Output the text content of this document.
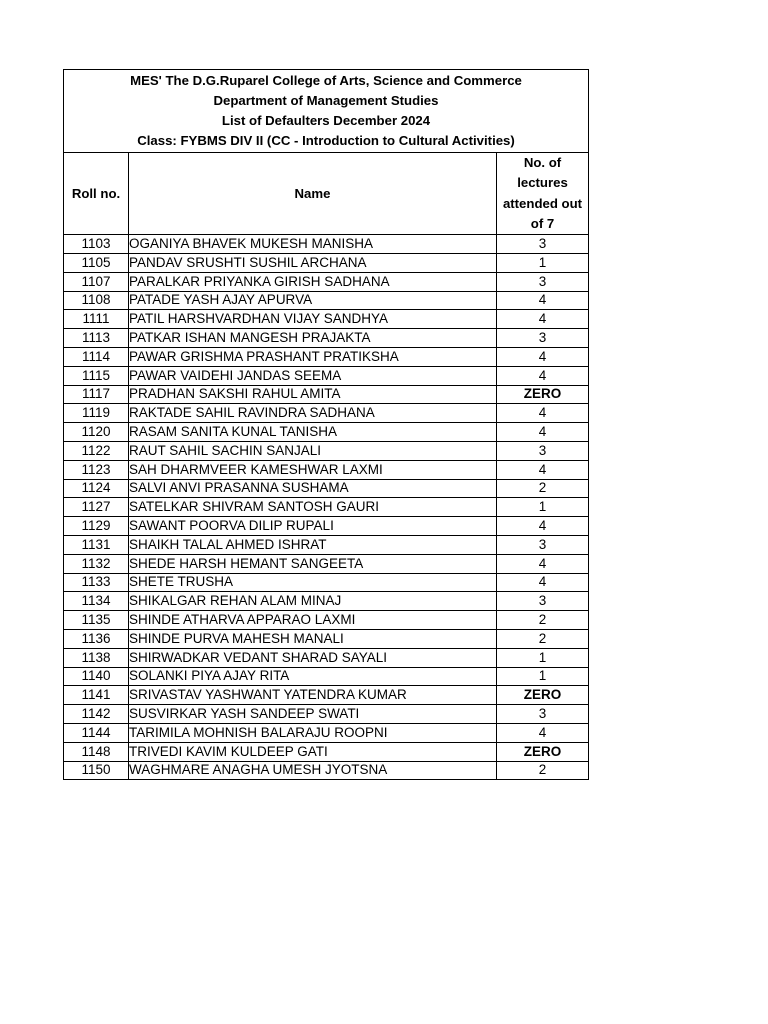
MES' The D.G.Ruparel College of Arts, Science and Commerce
Department of Management Studies
List of Defaulters December 2024
Class: FYBMS DIV II (CC - Introduction to Cultural Activities)		

Roll no.	Name	No. of
lectures
attended out
of 7

1103	OGANIYA BHAVEK MUKESH MANISHA	3
1105	PANDAV SRUSHTI SUSHIL ARCHANA	1
1107	PARALKAR PRIYANKA GIRISH SADHANA	3
1108	PATADE YASH AJAY APURVA	4
1111	PATIL HARSHVARDHAN VIJAY SANDHYA	4
1113	PATKAR ISHAN MANGESH PRAJAKTA	3
1114	PAWAR GRISHMA PRASHANT PRATIKSHA	4
1115	PAWAR VAIDEHI JANDAS SEEMA	4
1117	PRADHAN SAKSHI RAHUL AMITA	ZERO
1119	RAKTADE SAHIL RAVINDRA SADHANA	4
1120	RASAM SANITA KUNAL TANISHA	4
1122	RAUT SAHIL SACHIN SANJALI	3
1123	SAH DHARMVEER KAMESHWAR LAXMI	4
1124	SALVI ANVI PRASANNA SUSHAMA	2
1127	SATELKAR SHIVRAM SANTOSH GAURI	1
1129	SAWANT POORVA DILIP RUPALI	4
1131	SHAIKH TALAL AHMED ISHRAT	3
1132	SHEDE HARSH HEMANT SANGEETA	4
1133	SHETE TRUSHA	4
1134	SHIKALGAR REHAN ALAM MINAJ	3
1135	SHINDE ATHARVA APPARAO LAXMI	2
1136	SHINDE PURVA MAHESH MANALI	2
1138	SHIRWADKAR VEDANT SHARAD SAYALI	1
1140	SOLANKI PIYA AJAY RITA	1
1141	SRIVASTAV YASHWANT YATENDRA KUMAR	ZERO
1142	SUSVIRKAR YASH SANDEEP SWATI	3
1144	TARIMILA MOHNISH BALARAJU ROOPNI	4
1148	TRIVEDI KAVIM KULDEEP GATI	ZERO
1150	WAGHMARE ANAGHA UMESH JYOTSNA	2
